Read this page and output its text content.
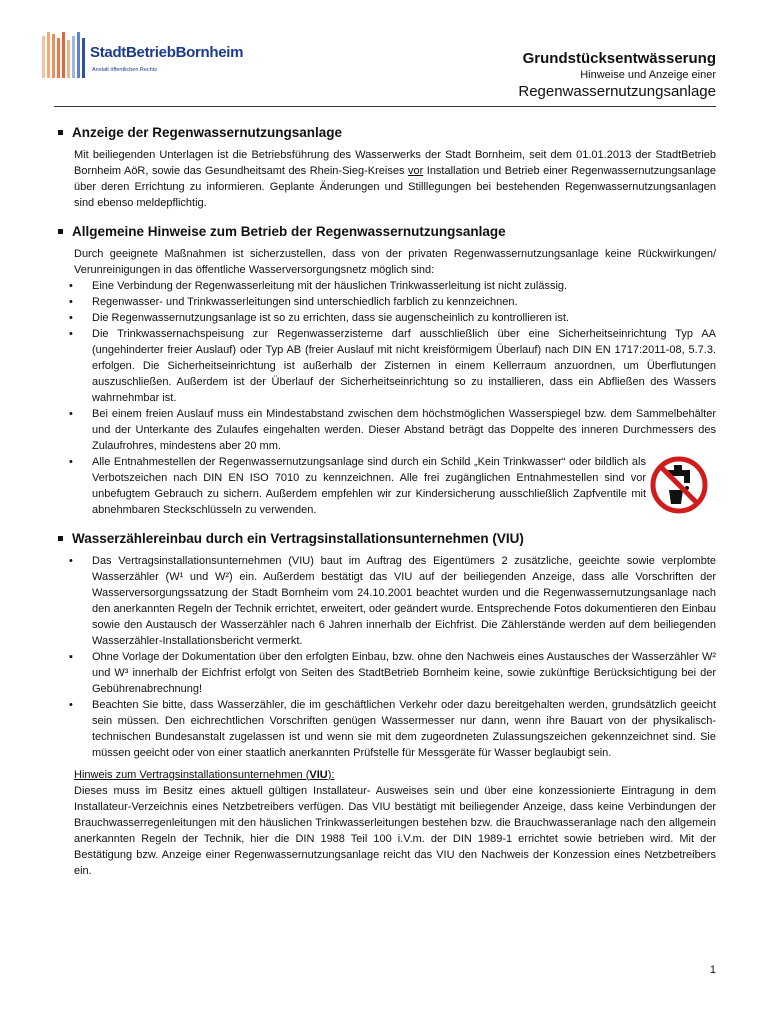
StadtBetriebBornheim
Anstalt öffentlichen Rechts

Grundstücksentwässerung

Hinweise und Anzeige einer

Regenwassernutzungsanlage

Anzeige der Regenwassernutzungsanlage

Mit beiliegenden Unterlagen ist die Betriebsführung des Wasserwerks der Stadt Bornheim, seit dem 01.01.2013 der StadtBetrieb Bornheim AöR, sowie das Gesundheitsamt des Rhein-Sieg-Kreises vor Installation und Betrieb einer Regenwassernutzungsanlage über deren Errichtung zu informieren. Geplante Änderungen und Stilllegungen bei bestehenden Regenwassernutzungsanlagen sind ebenso meldepflichtig.

Allgemeine Hinweise zum Betrieb der Regenwassernutzungsanlage

Durch geeignete Maßnahmen ist sicherzustellen, dass von der privaten Regenwassernutzungsanlage keine Rückwirkungen/ Verunreinigungen in das öffentliche Wasserversorgungsnetz möglich sind:

• Eine Verbindung der Regenwasserleitung mit der häuslichen Trinkwasserleitung ist nicht zulässig.
• Regenwasser- und Trinkwasserleitungen sind unterschiedlich farblich zu kennzeichnen.
• Die Regenwassernutzungsanlage ist so zu errichten, dass sie augenscheinlich zu kontrollieren ist.
• Die Trinkwassernachspeisung zur Regenwasserzisterne darf ausschließlich über eine Sicherheitseinrichtung Typ AA (ungehinderter freier Auslauf) oder Typ AB (freier Auslauf mit nicht kreisförmigem Überlauf) nach DIN EN 1717:2011-08, 5.7.3. erfolgen. Die Sicherheitseinrichtung ist außerhalb der Zisternen in einem Kellerraum anzuordnen, um Überflutungen auszuschließen. Außerdem ist der Überlauf der Sicherheitseinrichtung so zu installieren, dass ein Abfließen des Wassers wahrnehmbar ist.
• Bei einem freien Auslauf muss ein Mindestabstand zwischen dem höchstmöglichen Wasserspiegel bzw. dem Sammelbehälter und der Unterkante des Zulaufes eingehalten werden. Dieser Abstand beträgt das Doppelte des inneren Durchmessers des Zulaufrohres, mindestens aber 20 mm.
• Alle Entnahmestellen der Regenwassernutzungsanlage sind durch ein Schild „Kein Trinkwasser“ oder bildlich als Verbotszeichen nach DIN EN ISO 7010 zu kennzeichnen. Alle frei zugänglichen Entnahmestellen sind vor unbefugtem Gebrauch zu sichern. Außerdem empfehlen wir zur Kindersicherung ausschließlich Zapfventile mit abnehmbaren Steckschlüsseln zu verwenden.
Wasserzählereinbau durch ein Vertragsinstallationsunternehmen (VIU)
• Das Vertragsinstallationsunternehmen (VIU) baut im Auftrag des Eigentümers 2 zusätzliche, geeichte sowie verplombte Wasserzähler (W¹ und W²) ein. Außerdem bestätigt das VIU auf der beiliegenden Anzeige, dass alle Vorschriften der Wasserversorgungssatzung der Stadt Bornheim vom 24.10.2001 beachtet wurden und die Regenwassernutzungsanlage nach den anerkannten Regeln der Technik errichtet, erweitert, oder geändert wurde. Entsprechende Fotos dokumentieren den Einbau sowie den Austausch der Wasserzähler nach 6 Jahren innerhalb der Eichfrist. Die Zählerstände werden auf dem beiliegenden Wasserzähler-Installationsbericht vermerkt.
▪ Ohne Vorlage der Dokumentation über den erfolgten Einbau, bzw. ohne den Nachweis eines Austausches der Wasserzähler W² und W³ innerhalb der Eichfrist erfolgt von Seiten des StadtBetrieb Bornheim keine, sowie zukünftige Berücksichtigung bei der Gebührenabrechnung!
• Beachten Sie bitte, dass Wasserzähler, die im geschäftlichen Verkehr oder dazu bereitgehalten werden, grundsätzlich geeicht sein müssen. Den eichrechtlichen Vorschriften genügen Wassermesser nur dann, wenn ihre Bauart von der physikalisch- technischen Bundesanstalt zugelassen ist und wenn sie mit dem zugeordneten Zulassungszeichen gekennzeichnet sind. Sie müssen geeicht oder von einer staatlich anerkannten Prüfstelle für Messgeräte für Wasser beglaubigt sein.

Hinweis zum Vertragsinstallationsunternehmen (VIU):

Dieses muss im Besitz eines aktuell gültigen Installateur- Ausweises sein und über eine konzessionierte Eintragung in dem Installateur-Verzeichnis eines Netzbetreibers verfügen. Das VIU bestätigt mit beiliegender Anzeige, dass keine Verbindungen der Brauchwasserregenleitungen mit den häuslichen Trinkwasserleitungen bestehen bzw. die Brauchwasseranlage nach den allgemein anerkannten Regeln der Technik, hier die DIN 1988 Teil 100 i.V.m. der DIN 1989-1 errichtet sowie betrieben wird. Mit der Bestätigung bzw. Anzeige einer Regenwassernutzungsanlage reicht das VIU den Nachweis der Konzession eines Netzbetreibers ein.

1
